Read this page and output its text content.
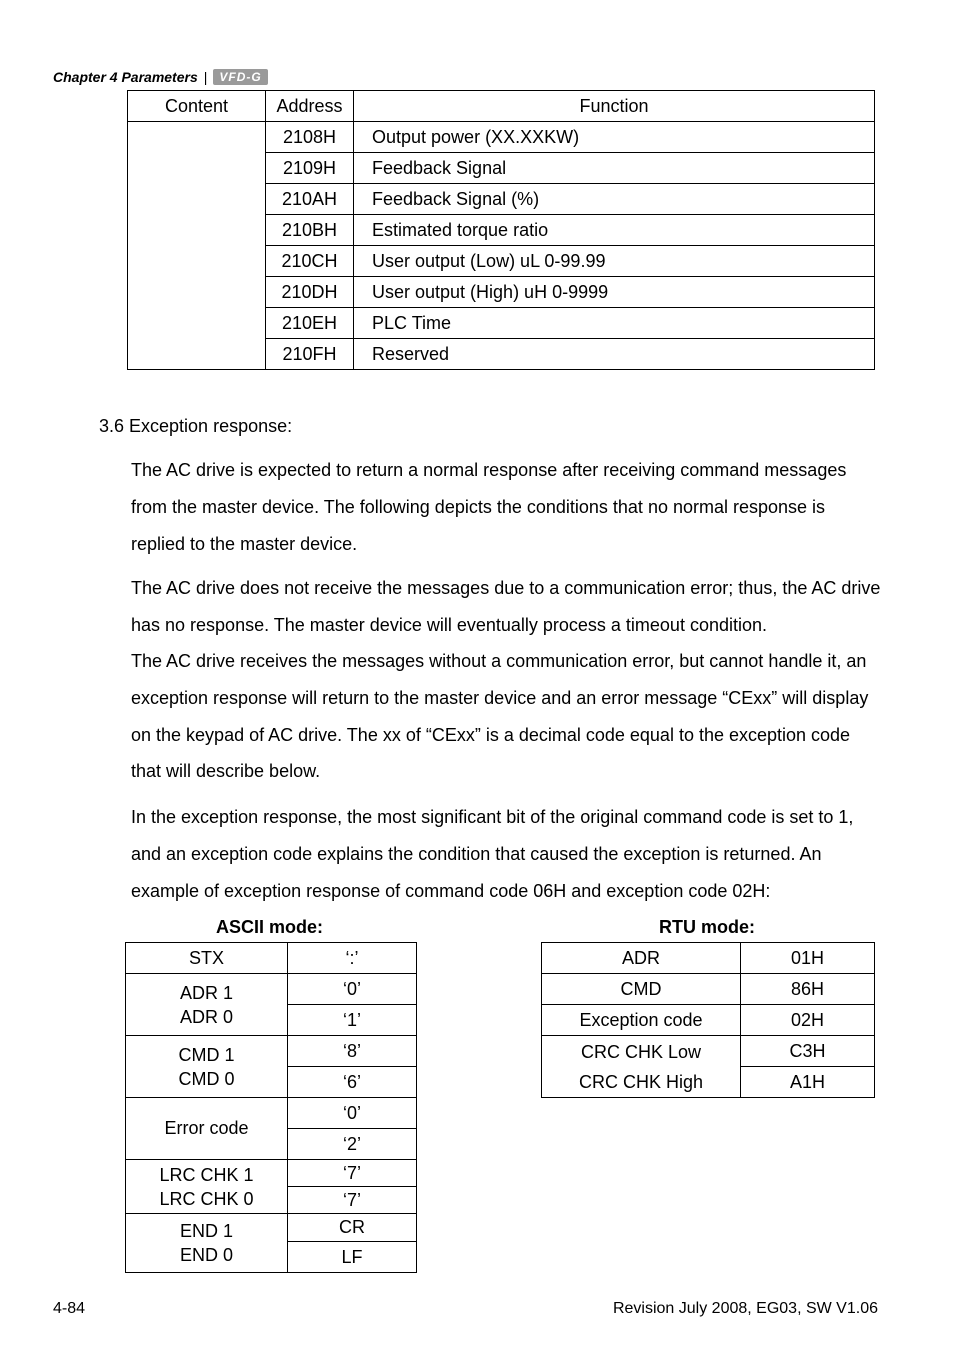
Chapter 4 Parameters |	VFD-G
Content	Address	Function
	2108H	Output power (XX.XXKW)
	2109H	Feedback Signal
	210AH	Feedback Signal (%)
	210BH	Estimated torque ratio
	210CH	User output (Low) uL 0-99.99
	210DH	User output (High) uH 0-9999
	210EH	PLC Time
	210FH	Reserved
3.6 Exception response:

The AC drive is expected to return a normal response after receiving command messages from the master device. The following depicts the conditions that no normal response is replied to the master device.

The AC drive does not receive the messages due to a communication error; thus, the AC drive has no response. The master device will eventually process a timeout condition.

The AC drive receives the messages without a communication error, but cannot handle it, an exception response will return to the master device and an error message “CExx” will display on the keypad of AC drive. The xx of “CExx” is a decimal code equal to the exception code that will describe below.

In the exception response, the most significant bit of the original command code is set to 1, and an exception code explains the condition that caused the exception is returned. An example of exception response of command code 06H and exception code 02H:

ASCII mode:	RTU mode:
STX	‘:’

ADR 1
ADR 0	‘0’
	‘1’

CMD 1
CMD 0	‘8’
	‘6’
Error code	‘0’
	‘2’

LRC CHK 1
LRC CHK 0	‘7’
	‘7’

END 1
END 0	CR
	LF
ADR	01H
CMD	86H
Exception code	02H

CRC CHK Low
CRC CHK High	C3H
	A1H
4-84	Revision July 2008, EG03, SW V1.06
